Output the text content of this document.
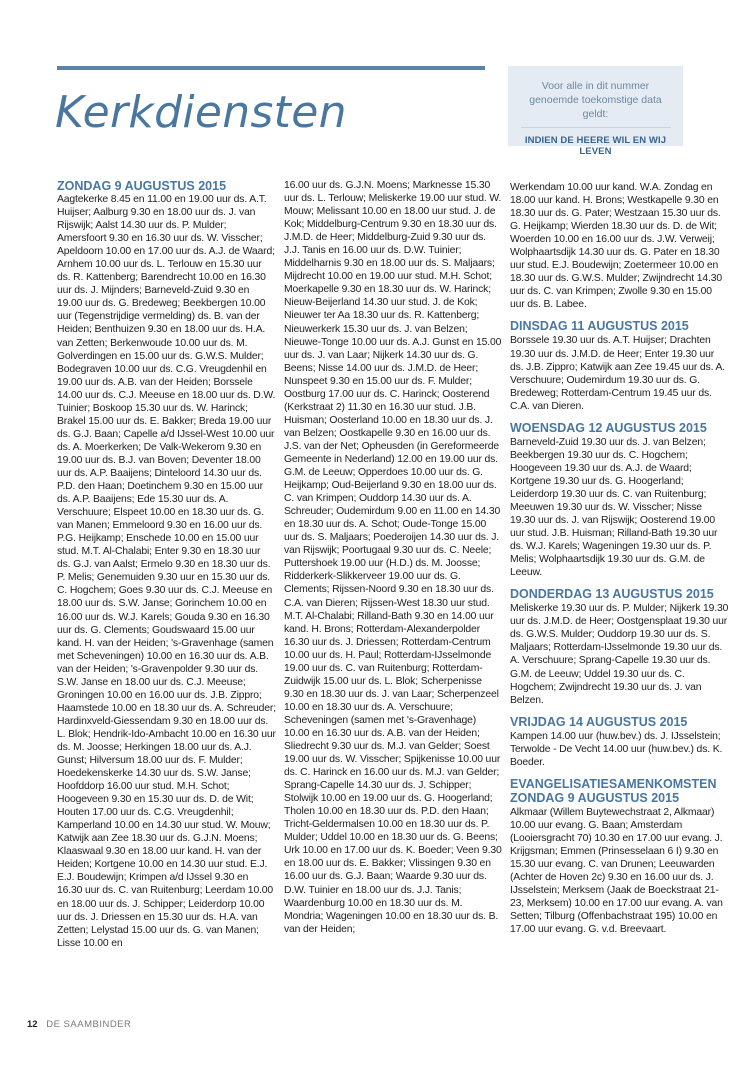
Kerkdiensten
Voor alle in dit nummer genoemde toekomstige data geldt:
INDIEN DE HEERE WIL EN WIJ LEVEN

ZONDAG 9 AUGUSTUS 2015

Aagtekerke 8.45 en 11.00 en 19.00 uur ds. A.T. Huijser; Aalburg 9.30 en 18.00 uur ds. J. van Rijswijk; Aalst 14.30 uur ds. P. Mulder; Amersfoort 9.30 en 16.30 uur ds. W. Visscher; Apeldoorn 10.00 en 17.00 uur ds. A.J. de Waard; Arnhem 10.00 uur ds. L. Terlouw en 15.30 uur ds. R. Kattenberg; Barendrecht 10.00 en 16.30 uur ds. J. Mijnders; Barneveld-Zuid 9.30 en 19.00 uur ds. G. Bredeweg; Beekbergen 10.00 uur (Tegenstrijdige vermelding) ds. B. van der Heiden; Benthuizen 9.30 en 18.00 uur ds. H.A. van Zetten; Berkenwoude 10.00 uur ds. M. Golverdingen en 15.00 uur ds. G.W.S. Mulder; Bodegraven 10.00 uur ds. C.G. Vreugdenhil en 19.00 uur ds. A.B. van der Heiden; Borssele 14.00 uur ds. C.J. Meeuse en 18.00 uur ds. D.W. Tuinier; Boskoop 15.30 uur ds. W. Harinck; Brakel 15.00 uur ds. E. Bakker; Breda 19.00 uur ds. G.J. Baan; Capelle a/d IJssel-West 10.00 uur ds. A. Moerkerken; De Valk-Wekerom 9.30 en 19.00 uur ds. B.J. van Boven; Deventer 18.00 uur ds. A.P. Baaijens; Dinteloord 14.30 uur ds. P.D. den Haan; Doetinchem 9.30 en 15.00 uur ds. A.P. Baaijens; Ede 15.30 uur ds. A. Verschuure; Elspeet 10.00 en 18.30 uur ds. G. van Manen; Emmeloord 9.30 en 16.00 uur ds. P.G. Heijkamp; Enschede 10.00 en 15.00 uur stud. M.T. Al-Chalabi; Enter 9.30 en 18.30 uur ds. G.J. van Aalst; Ermelo 9.30 en 18.30 uur ds. P. Melis; Genemuiden 9.30 uur en 15.30 uur ds. C. Hogchem; Goes 9.30 uur ds. C.J. Meeuse en 18.00 uur ds. S.W. Janse; Gorinchem 10.00 en 16.00 uur ds. W.J. Karels; Gouda 9.30 en 16.30 uur ds. G. Clements; Goudswaard 15.00 uur kand. H. van der Heiden; 's-Gravenhage (samen met Scheveningen) 10.00 en 16.30 uur ds. A.B. van der Heiden; 's-Gravenpolder 9.30 uur ds. S.W. Janse en 18.00 uur ds. C.J. Meeuse; Groningen 10.00 en 16.00 uur ds. J.B. Zippro; Haamstede 10.00 en 18.30 uur ds. A. Schreuder; Hardinxveld-Giessendam 9.30 en 18.00 uur ds. L. Blok; Hendrik-Ido-Ambacht 10.00 en 16.30 uur ds. M. Joosse; Herkingen 18.00 uur ds. A.J. Gunst; Hilversum 18.00 uur ds. F. Mulder; Hoedekenskerke 14.30 uur ds. S.W. Janse; Hoofddorp 16.00 uur stud. M.H. Schot; Hoogeveen 9.30 en 15.30 uur ds. D. de Wit; Houten 17.00 uur ds. C.G. Vreugdenhil; Kamperland 10.00 en 14.30 uur stud. W. Mouw; Katwijk aan Zee 18.30 uur ds. G.J.N. Moens; Klaaswaal 9.30 en 18.00 uur kand. H. van der Heiden; Kortgene 10.00 en 14.30 uur stud. E.J. E.J. Boudewijn; Krimpen a/d IJssel 9.30 en 16.30 uur ds. C. van Ruitenburg; Leerdam 10.00 en 18.00 uur ds. J. Schipper; Leiderdorp 10.00 uur ds. J. Driessen en 15.30 uur ds. H.A. van Zetten; Lelystad 15.00 uur ds. G. van Manen; Lisse 10.00 en

16.00 uur ds. G.J.N. Moens; Marknesse 15.30 uur ds. L. Terlouw; Meliskerke 19.00 uur stud. W. Mouw; Melissant 10.00 en 18.00 uur stud. J. de Kok; Middelburg-Centrum 9.30 en 18.30 uur ds. J.M.D. de Heer; Middelburg-Zuid 9.30 uur ds. J.J. Tanis en 16.00 uur ds. D.W. Tuinier; Middelharnis 9.30 en 18.00 uur ds. S. Maljaars; Mijdrecht 10.00 en 19.00 uur stud. M.H. Schot; Moerkapelle 9.30 en 18.30 uur ds. W. Harinck; Nieuw-Beijerland 14.30 uur stud. J. de Kok; Nieuwer ter Aa 18.30 uur ds. R. Kattenberg; Nieuwerkerk 15.30 uur ds. J. van Belzen; Nieuwe-Tonge 10.00 uur ds. A.J. Gunst en 15.00 uur ds. J. van Laar; Nijkerk 14.30 uur ds. G. Beens; Nisse 14.00 uur ds. J.M.D. de Heer; Nunspeet 9.30 en 15.00 uur ds. F. Mulder; Oostburg 17.00 uur ds. C. Harinck; Oosterend (Kerkstraat 2) 11.30 en 16.30 uur stud. J.B. Huisman; Oosterland 10.00 en 18.30 uur ds. J. van Belzen; Oostkapelle 9.30 en 16.00 uur ds. J.S. van der Net; Opheusden (in Gereformeerde Gemeente in Nederland) 12.00 en 19.00 uur ds. G.M. de Leeuw; Opperdoes 10.00 uur ds. G. Heijkamp; Oud-Beijerland 9.30 en 18.00 uur ds. C. van Krimpen; Ouddorp 14.30 uur ds. A. Schreuder; Oudemirdum 9.00 en 11.00 en 14.30 en 18.30 uur ds. A. Schot; Oude-Tonge 15.00 uur ds. S. Maljaars; Poederoijen 14.30 uur ds. J. van Rijswijk; Poortugaal 9.30 uur ds. C. Neele; Puttershoek 19.00 uur (H.D.) ds. M. Joosse; Ridderkerk-Slikkerveer 19.00 uur ds. G. Clements; Rijssen-Noord 9.30 en 18.30 uur ds. C.A. van Dieren; Rijssen-West 18.30 uur stud. M.T. Al-Chalabi; Rilland-Bath 9.30 en 14.00 uur kand. H. Brons; Rotterdam-Alexanderpolder 16.30 uur ds. J. Driessen; Rotterdam-Centrum 10.00 uur ds. H. Paul; Rotterdam-IJsselmonde 19.00 uur ds. C. van Ruitenburg; Rotterdam-Zuidwijk 15.00 uur ds. L. Blok; Scherpenisse 9.30 en 18.30 uur ds. J. van Laar; Scherpenzeel 10.00 en 18.30 uur ds. A. Verschuure; Scheveningen (samen met 's-Gravenhage) 10.00 en 16.30 uur ds. A.B. van der Heiden; Sliedrecht 9.30 uur ds. M.J. van Gelder; Soest 19.00 uur ds. W. Visscher; Spijkenisse 10.00 uur ds. C. Harinck en 16.00 uur ds. M.J. van Gelder; Sprang-Capelle 14.30 uur ds. J. Schipper; Stolwijk 10.00 en 19.00 uur ds. G. Hoogerland; Tholen 10.00 en 18.30 uur ds. P.D. den Haan; Tricht-Geldermalsen 10.00 en 18.30 uur ds. P. Mulder; Uddel 10.00 en 18.30 uur ds. G. Beens; Urk 10.00 en 17.00 uur ds. K. Boeder; Veen 9.30 en 18.00 uur ds. E. Bakker; Vlissingen 9.30 en 16.00 uur ds. G.J. Baan; Waarde 9.30 uur ds. D.W. Tuinier en 18.00 uur ds. J.J. Tanis; Waardenburg 10.00 en 18.30 uur ds. M. Mondria; Wageningen 10.00 en 18.30 uur ds. B. van der Heiden;

Werkendam 10.00 uur kand. W.A. Zondag en 18.00 uur kand. H. Brons; Westkapelle 9.30 en 18.30 uur ds. G. Pater; Westzaan 15.30 uur ds. G. Heijkamp; Wierden 18.30 uur ds. D. de Wit; Woerden 10.00 en 16.00 uur ds. J.W. Verweij; Wolphaartsdijk 14.30 uur ds. G. Pater en 18.30 uur stud. E.J. Boudewijn; Zoetermeer 10.00 en 18.30 uur ds. G.W.S. Mulder; Zwijndrecht 14.30 uur ds. C. van Krimpen; Zwolle 9.30 en 15.00 uur ds. B. Labee.

DINSDAG 11 AUGUSTUS 2015

Borssele 19.30 uur ds. A.T. Huijser; Drachten 19.30 uur ds. J.M.D. de Heer; Enter 19.30 uur ds. J.B. Zippro; Katwijk aan Zee 19.45 uur ds. A. Verschuure; Oudemirdum 19.30 uur ds. G. Bredeweg; Rotterdam-Centrum 19.45 uur ds. C.A. van Dieren.

WOENSDAG 12 AUGUSTUS 2015

Barneveld-Zuid 19.30 uur ds. J. van Belzen; Beekbergen 19.30 uur ds. C. Hogchem; Hoogeveen 19.30 uur ds. A.J. de Waard; Kortgene 19.30 uur ds. G. Hoogerland; Leiderdorp 19.30 uur ds. C. van Ruitenburg; Meeuwen 19.30 uur ds. W. Visscher; Nisse 19.30 uur ds. J. van Rijswijk; Oosterend 19.00 uur stud. J.B. Huisman; Rilland-Bath 19.30 uur ds. W.J. Karels; Wageningen 19.30 uur ds. P. Melis; Wolphaartsdijk 19.30 uur ds. G.M. de Leeuw.

DONDERDAG 13 AUGUSTUS 2015

Meliskerke 19.30 uur ds. P. Mulder; Nijkerk 19.30 uur ds. J.M.D. de Heer; Oostgensplaat 19.30 uur ds. G.W.S. Mulder; Ouddorp 19.30 uur ds. S. Maljaars; Rotterdam-IJsselmonde 19.30 uur ds. A. Verschuure; Sprang-Capelle 19.30 uur ds. G.M. de Leeuw; Uddel 19.30 uur ds. C. Hogchem; Zwijndrecht 19.30 uur ds. J. van Belzen.

VRIJDAG 14 AUGUSTUS 2015

Kampen 14.00 uur (huw.bev.) ds. J. IJsselstein; Terwolde - De Vecht 14.00 uur (huw.bev.) ds. K. Boeder.

EVANGELISATIESAMENKOMSTEN ZONDAG 9 AUGUSTUS 2015

Alkmaar (Willem Buytewechstraat 2, Alkmaar) 10.00 uur evang. G. Baan; Amsterdam (Looiersgracht 70) 10.30 en 17.00 uur evang. J. Krijgsman; Emmen (Prinsesselaan 6 I) 9.30 en 15.30 uur evang. C. van Drunen; Leeuwarden (Achter de Hoven 2c) 9.30 en 16.00 uur ds. J. IJsselstein; Merksem (Jaak de Boeckstraat 21-23, Merksem) 10.00 en 17.00 uur evang. A. van Setten; Tilburg (Offenbachstraat 195) 10.00 en 17.00 uur evang. G. v.d. Breevaart.

12 DE SAAMBINDER
